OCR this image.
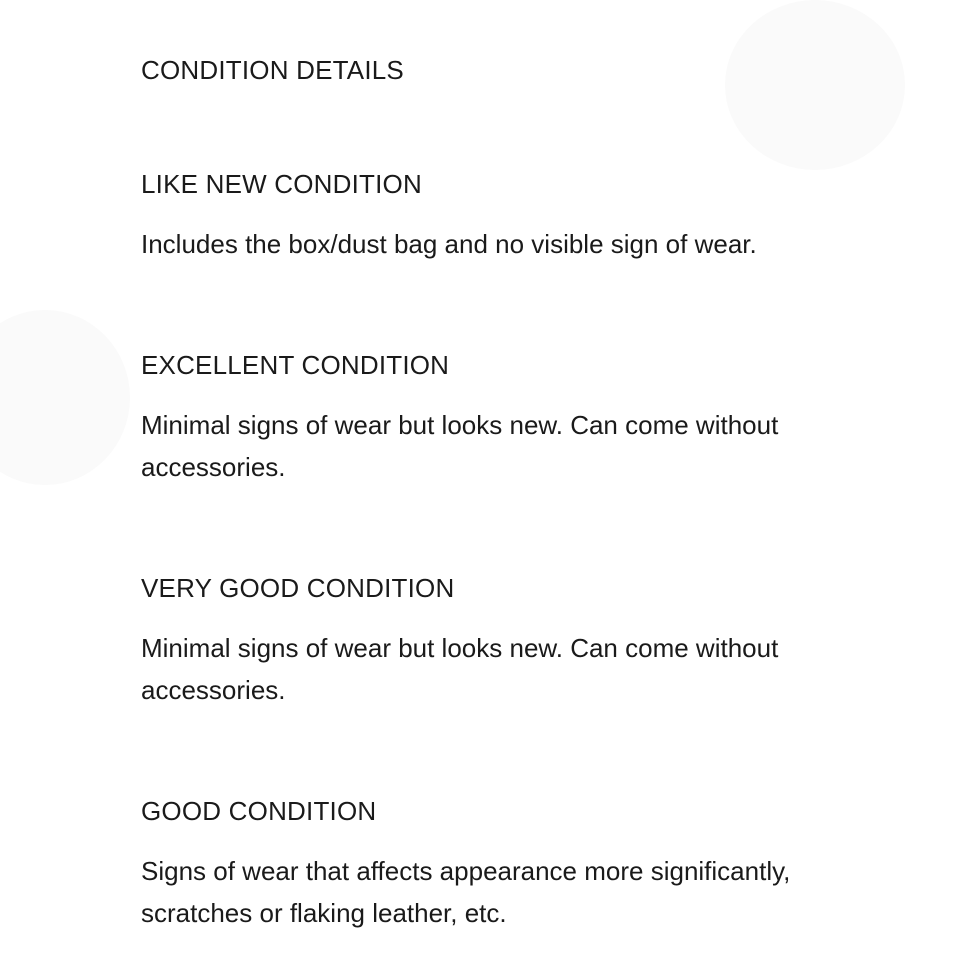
CONDITION DETAILS
LIKE NEW CONDITION

Includes the box/dust bag and no visible sign of wear.

EXCELLENT CONDITION

Minimal signs of wear but looks new. Can come without accessories.

VERY GOOD CONDITION

Minimal signs of wear but looks new. Can come without accessories.

GOOD CONDITION

Signs of wear that affects appearance more significantly, scratches or flaking leather, etc.
